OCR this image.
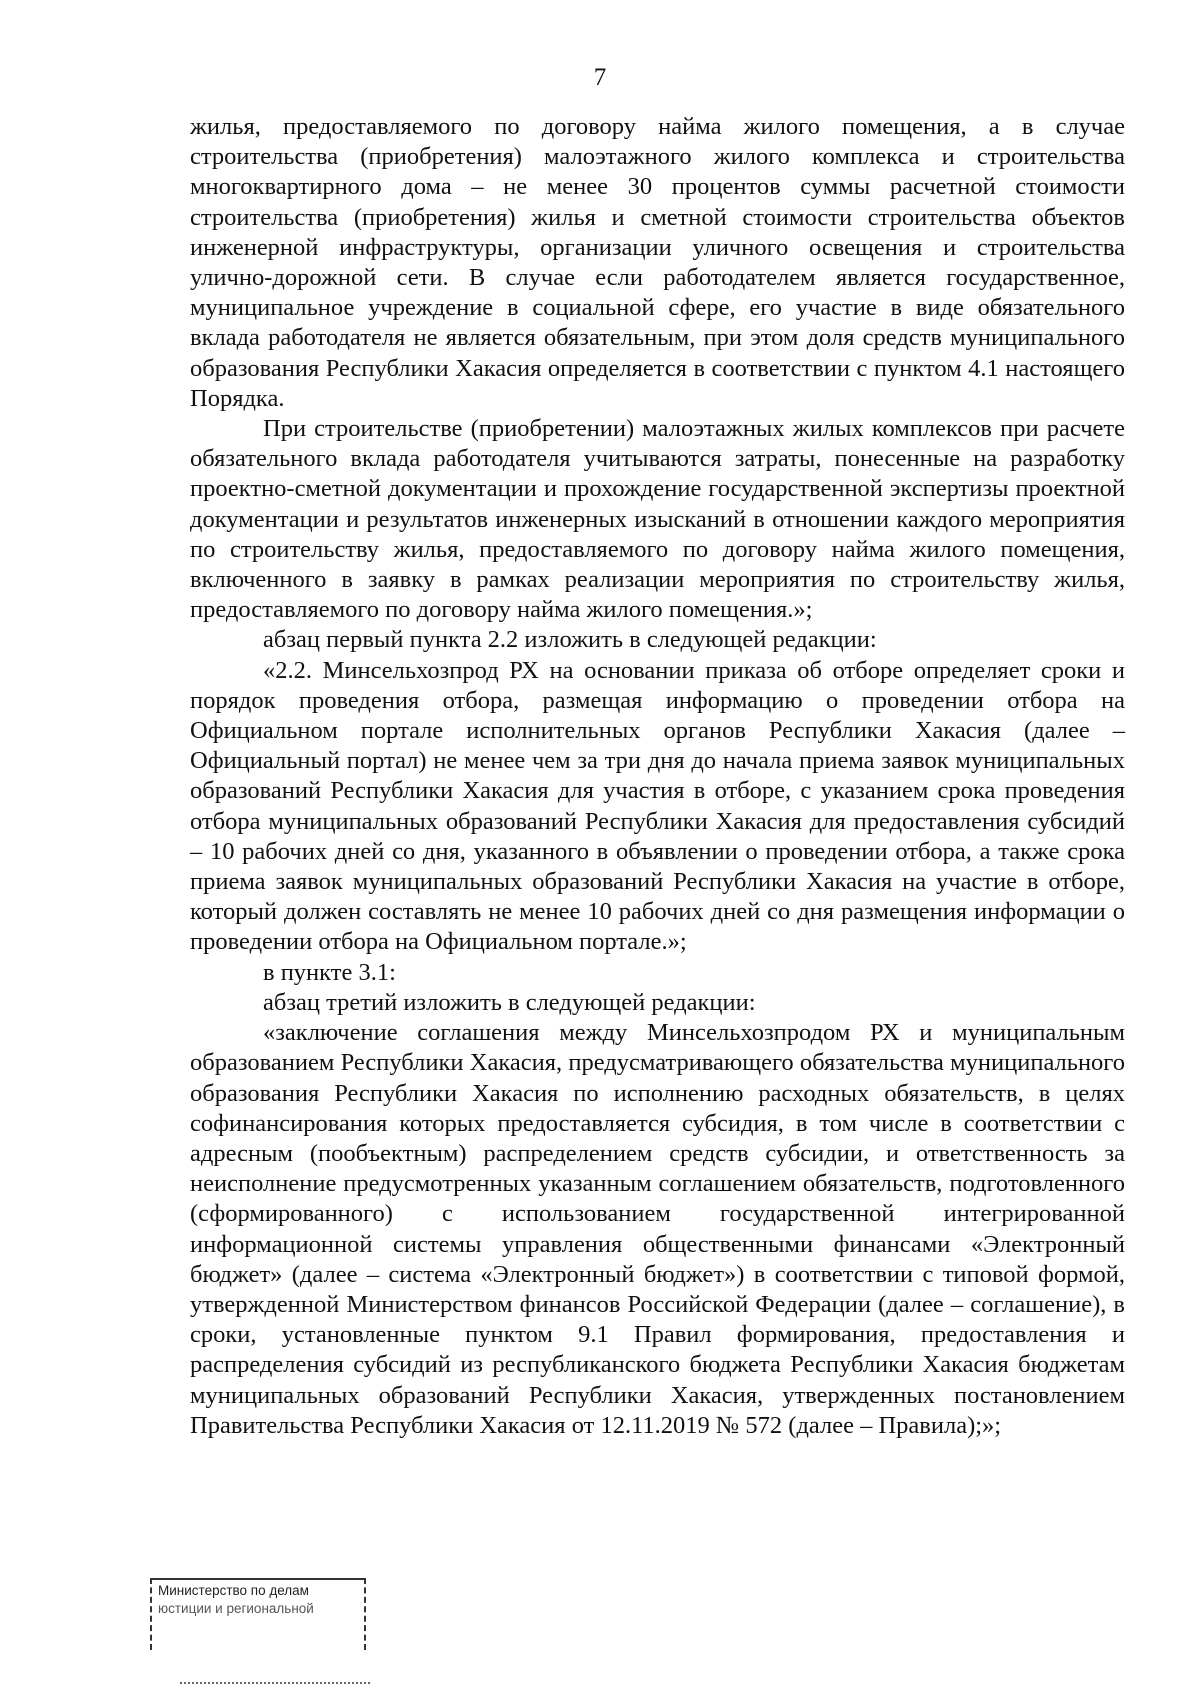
7

жилья, предоставляемого по договору найма жилого помещения, а в случае строительства (приобретения) малоэтажного жилого комплекса и строительства многоквартирного дома – не менее 30 процентов суммы расчетной стоимости строительства (приобретения) жилья и сметной стоимости строительства объектов инженерной инфраструктуры, организации уличного освещения и строительства улично-дорожной сети. В случае если работодателем является государственное, муниципальное учреждение в социальной сфере, его участие в виде обязательного вклада работодателя не является обязательным, при этом доля средств муниципального образования Республики Хакасия определяется в соответствии с пунктом 4.1 настоящего Порядка.

При строительстве (приобретении) малоэтажных жилых комплексов при расчете обязательного вклада работодателя учитываются затраты, понесенные на разработку проектно-сметной документации и прохождение государственной экспертизы проектной документации и результатов инженерных изысканий в отношении каждого мероприятия по строительству жилья, предоставляемого по договору найма жилого помещения, включенного в заявку в рамках реализации мероприятия по строительству жилья, предоставляемого по договору найма жилого помещения.»;

абзац первый пункта 2.2 изложить в следующей редакции:

«2.2. Минсельхозпрод РХ на основании приказа об отборе определяет сроки и порядок проведения отбора, размещая информацию о проведении отбора на Официальном портале исполнительных органов Республики Хакасия (далее – Официальный портал) не менее чем за три дня до начала приема заявок муниципальных образований Республики Хакасия для участия в отборе, с указанием срока проведения отбора муниципальных образований Республики Хакасия для предоставления субсидий – 10 рабочих дней со дня, указанного в объявлении о проведении отбора, а также срока приема заявок муниципальных образований Республики Хакасия на участие в отборе, который должен составлять не менее 10 рабочих дней со дня размещения информации о проведении отбора на Официальном портале.»;

в пункте 3.1:

абзац третий изложить в следующей редакции:

«заключение соглашения между Минсельхозпродом РХ и муниципальным образованием Республики Хакасия, предусматривающего обязательства муниципального образования Республики Хакасия по исполнению расходных обязательств, в целях софинансирования которых предоставляется субсидия, в том числе в соответствии с адресным (пообъектным) распределением средств субсидии, и ответственность за неисполнение предусмотренных указанным соглашением обязательств, подготовленного (сформированного) с использованием государственной интегрированной информационной системы управления общественными финансами «Электронный бюджет» (далее – система «Электронный бюджет») в соответствии с типовой формой, утвержденной Министерством финансов Российской Федерации (далее – соглашение), в сроки, установленные пунктом 9.1 Правил формирования, предоставления и распределения субсидий из республиканского бюджета Республики Хакасия бюджетам муниципальных образований Республики Хакасия, утвержденных постановлением Правительства Республики Хакасия от 12.11.2019 № 572 (далее – Правила);»;

Министерство по делам
юстиции и региональной
